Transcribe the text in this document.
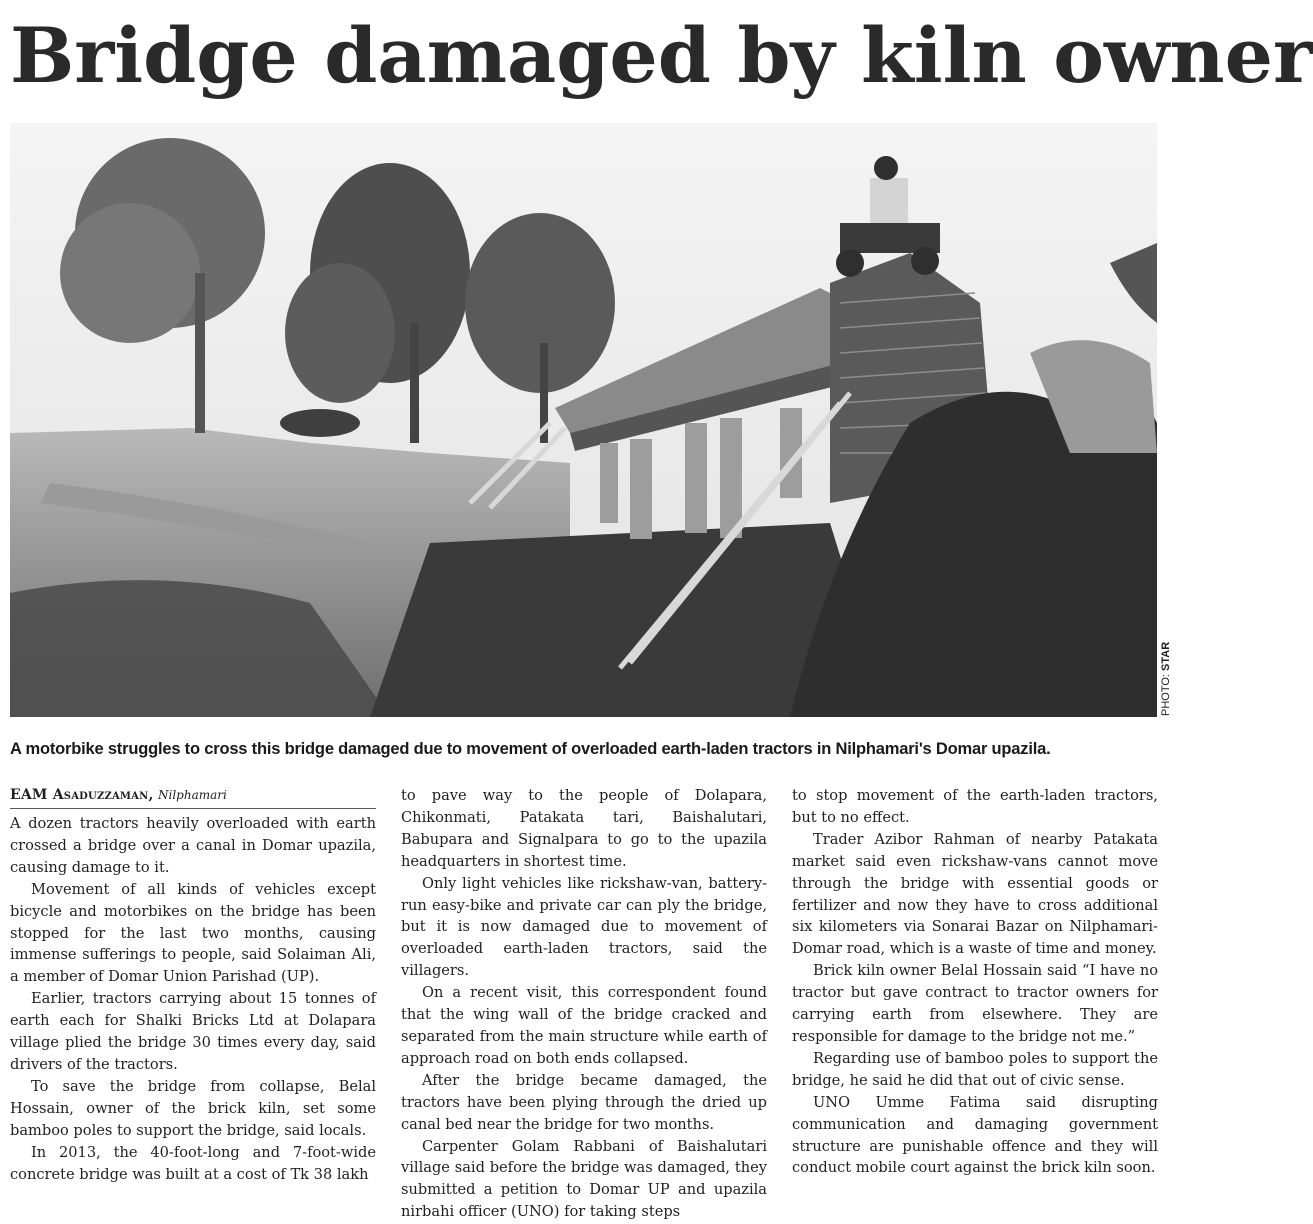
Bridge damaged by kiln owner
PHOTO: STAR
A motorbike struggles to cross this bridge damaged due to movement of overloaded earth-laden tractors in Nilphamari's Domar upazila.
EAM Asaduzzaman, Nilphamari

A dozen tractors heavily overloaded with earth crossed a bridge over a canal in Domar upazila, causing damage to it.

Movement of all kinds of vehicles except bicycle and motorbikes on the bridge has been stopped for the last two months, causing immense sufferings to people, said Solaiman Ali, a member of Domar Union Parishad (UP).

Earlier, tractors carrying about 15 tonnes of earth each for Shalki Bricks Ltd at Dolapara village plied the bridge 30 times every day, said drivers of the tractors.

To save the bridge from collapse, Belal Hossain, owner of the brick kiln, set some bamboo poles to support the bridge, said locals.

In 2013, the 40-foot-long and 7-foot-wide concrete bridge was built at a cost of Tk 38 lakh

to pave way to the people of Dolapara, Chikonmati, Patakata tari, Baishalutari, Babupara and Signalpara to go to the upazila headquarters in shortest time.

Only light vehicles like rickshaw-van, battery-run easy-bike and private car can ply the bridge, but it is now damaged due to movement of overloaded earth-laden tractors, said the villagers.

On a recent visit, this correspondent found that the wing wall of the bridge cracked and separated from the main structure while earth of approach road on both ends collapsed.

After the bridge became damaged, the tractors have been plying through the dried up canal bed near the bridge for two months.

Carpenter Golam Rabbani of Baishalutari village said before the bridge was damaged, they submitted a petition to Domar UP and upazila nirbahi officer (UNO) for taking steps

to stop movement of the earth-laden tractors, but to no effect.

Trader Azibor Rahman of nearby Patakata market said even rickshaw-vans cannot move through the bridge with essential goods or fertilizer and now they have to cross additional six kilometers via Sonarai Bazar on Nilphamari-Domar road, which is a waste of time and money.

Brick kiln owner Belal Hossain said “I have no tractor but gave contract to tractor owners for carrying earth from elsewhere. They are responsible for damage to the bridge not me.”

Regarding use of bamboo poles to support the bridge, he said he did that out of civic sense.

UNO Umme Fatima said disrupting communication and damaging government structure are punishable offence and they will conduct mobile court against the brick kiln soon.
